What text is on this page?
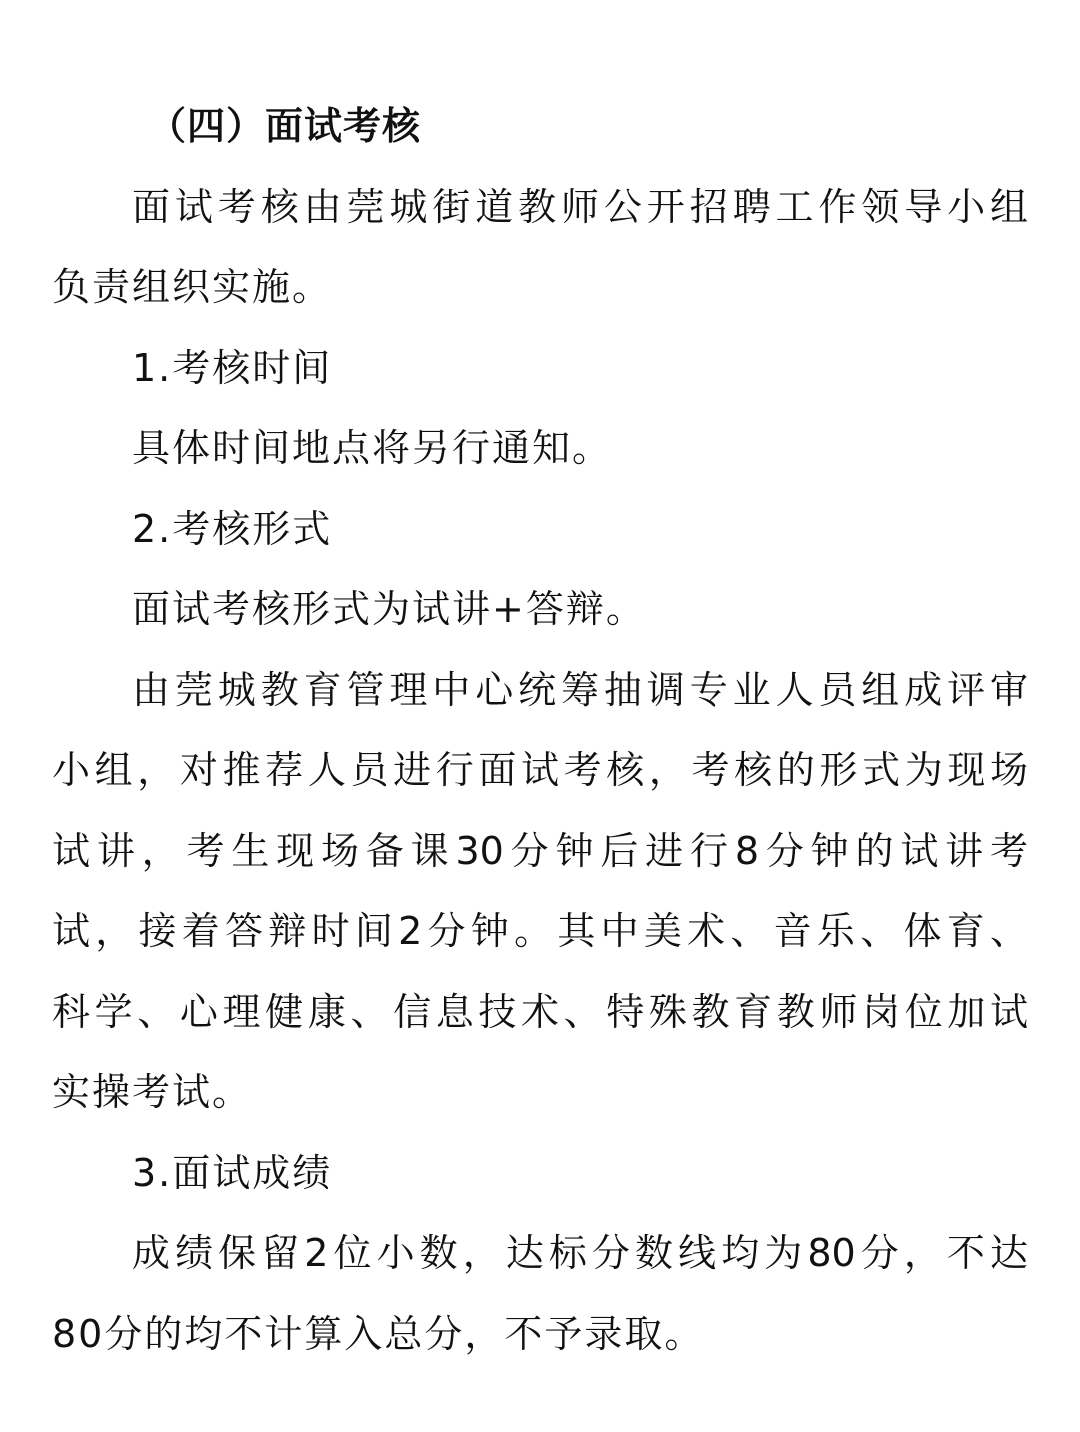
（四）面试考核
面试考核由莞城街道教师公开招聘工作领导小组
负责组织实施。
1.考核时间
具体时间地点将另行通知。
2.考核形式
面试考核形式为试讲+答辩。
由莞城教育管理中心统筹抽调专业人员组成评审
小组，对推荐人员进行面试考核，考核的形式为现场
试讲，考生现场备课30分钟后进行8分钟的试讲考
试，接着答辩时间2分钟。其中美术、音乐、体育、
科学、心理健康、信息技术、特殊教育教师岗位加试
实操考试。
3.面试成绩
成绩保留2位小数，达标分数线均为80分，不达
80分的均不计算入总分，不予录取。
